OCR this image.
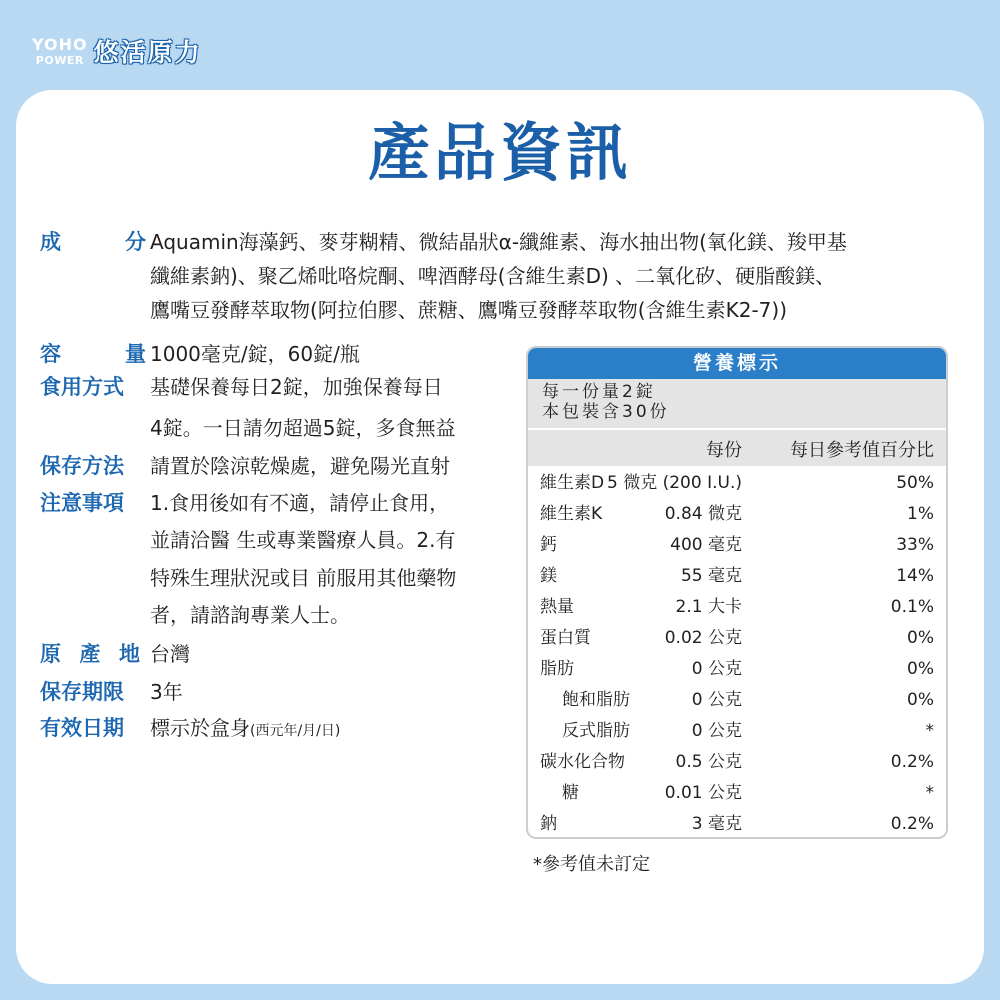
YOHO
POWER 悠活原力
產品資訊
成	分 Aquamin海藻鈣、麥芽糊精、微結晶狀α-纖維素、海水抽出物(氧化鎂、羧甲基
纖維素鈉)、聚乙烯吡咯烷酮、啤酒酵母(含維生素D) 、二氧化矽、硬脂酸鎂、
鷹嘴豆發酵萃取物(阿拉伯膠、蔗糖、鷹嘴豆發酵萃取物(含維生素K2-7))
容	量 1000毫克/錠，60錠/瓶
食用方式	基礎保養每日2錠，加強保養每日
4錠。一日請勿超過5錠，多食無益
保存方法	請置於陰涼乾燥處，避免陽光直射
注意事項	1.食用後如有不適，請停止食用，
並請洽醫 生或專業醫療人員。2.有
特殊生理狀況或目 前服用其他藥物
者，請諮詢專業人士。
原 產 地 台灣
保存期限	3年
有效日期	標示於盒身(西元年/月/日)
營養標示
每一份量2錠
本包裝含30份
每份	每日參考值百分比
維生素D 5 微克 (200 I.U.)	50%
維生素K	0.84 微克	1%
鈣	400 毫克	33%
鎂	55 毫克	14%
熱量	2.1 大卡	0.1%
蛋白質	0.02 公克	0%
脂肪	0 公克	0%
飽和脂肪	0 公克	0%
反式脂肪	0 公克	*
碳水化合物	0.5 公克	0.2%
糖	0.01 公克	*
鈉	3 毫克	0.2%
*參考值未訂定
